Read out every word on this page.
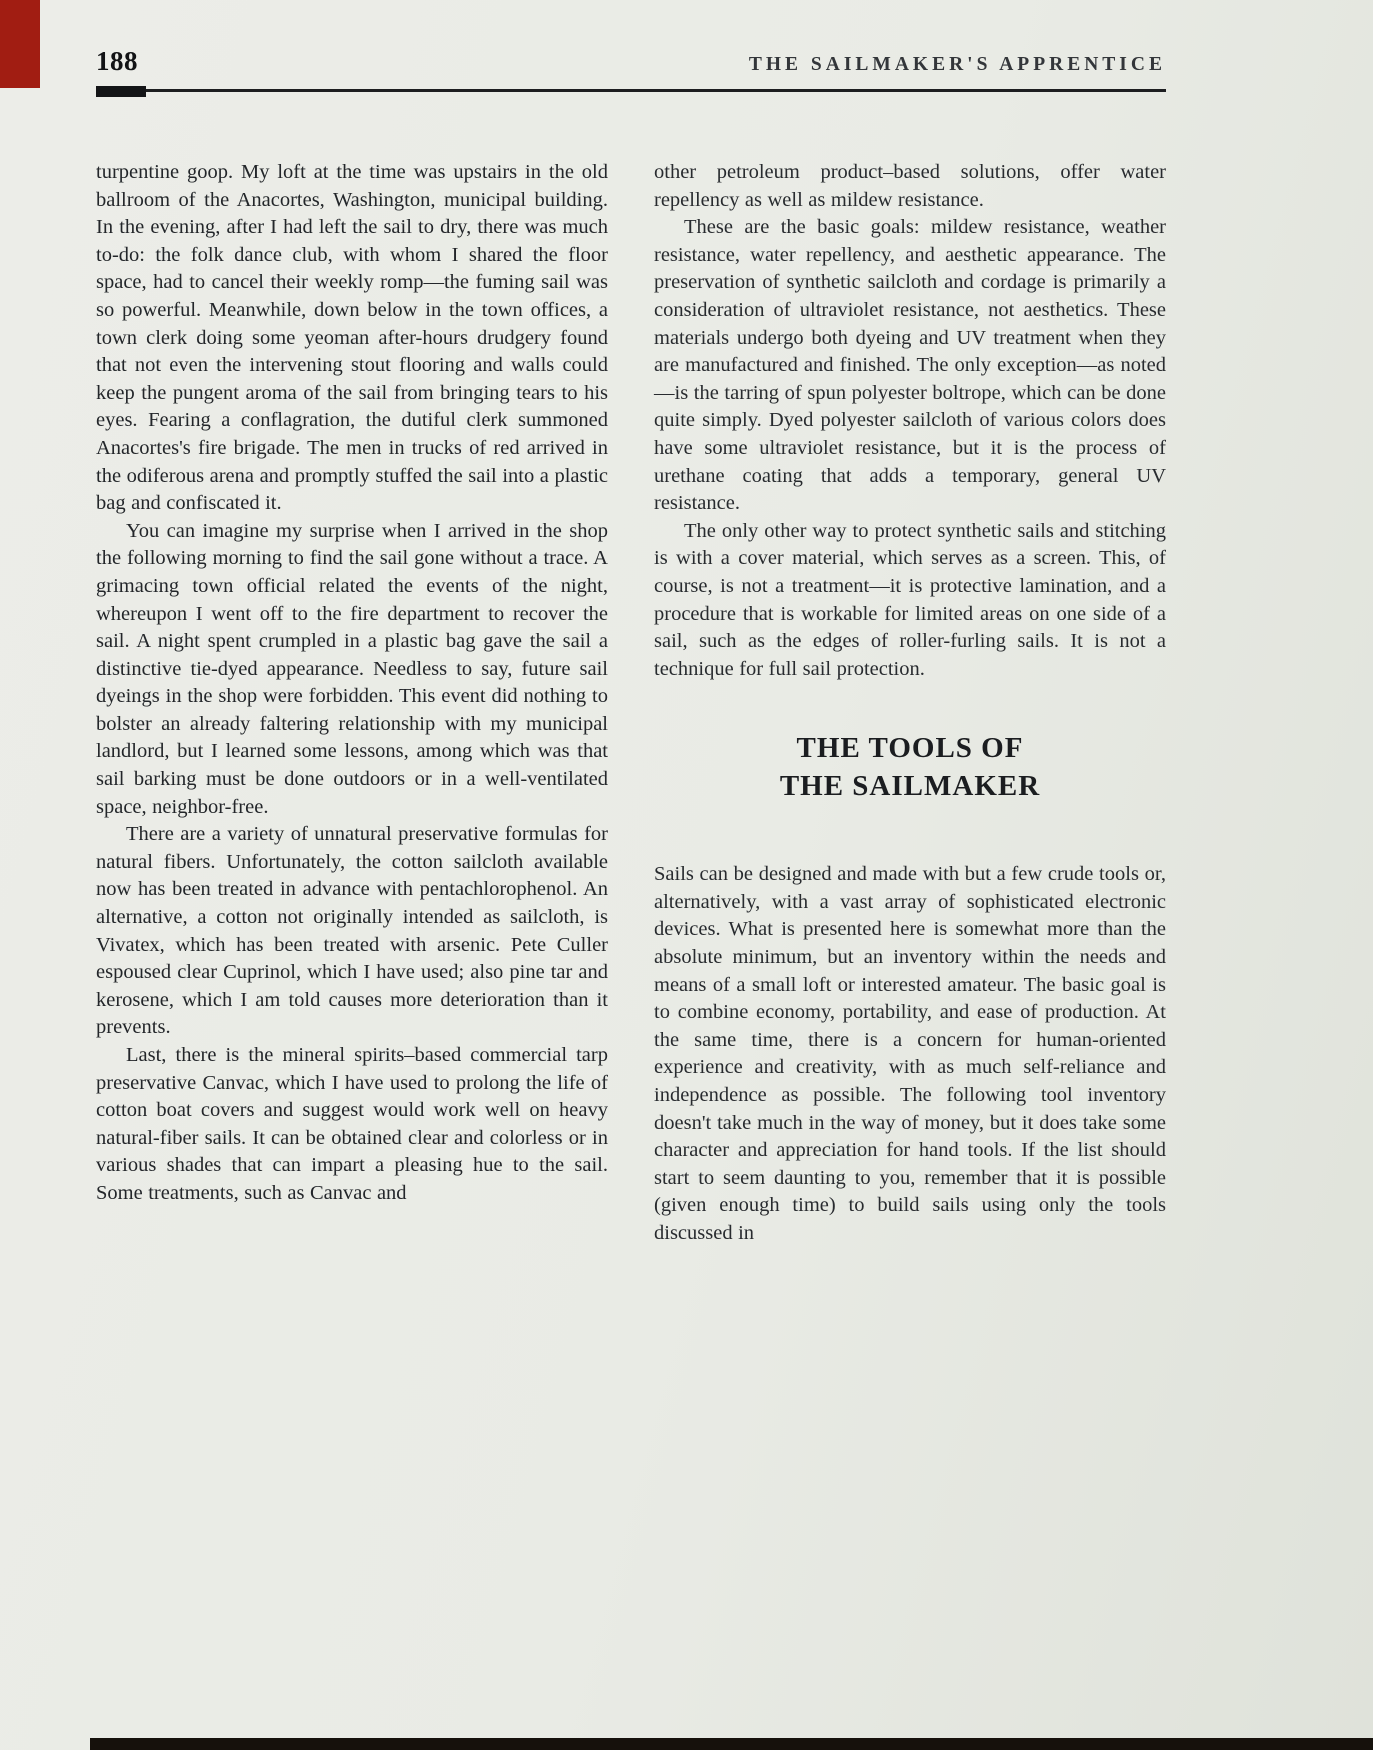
188	THE SAILMAKER'S APPRENTICE

turpentine goop. My loft at the time was upstairs in the old ballroom of the Anacortes, Washington, municipal building. In the evening, after I had left the sail to dry, there was much to-do: the folk dance club, with whom I shared the floor space, had to cancel their weekly romp—the fuming sail was so powerful. Meanwhile, down below in the town offices, a town clerk doing some yeoman after-hours drudgery found that not even the intervening stout flooring and walls could keep the pungent aroma of the sail from bringing tears to his eyes. Fearing a conflagration, the dutiful clerk summoned Anacortes's fire brigade. The men in trucks of red arrived in the odiferous arena and promptly stuffed the sail into a plastic bag and confiscated it.

You can imagine my surprise when I arrived in the shop the following morning to find the sail gone without a trace. A grimacing town official related the events of the night, whereupon I went off to the fire department to recover the sail. A night spent crumpled in a plastic bag gave the sail a distinctive tie-dyed appearance. Needless to say, future sail dyeings in the shop were forbidden. This event did nothing to bolster an already faltering relationship with my municipal landlord, but I learned some lessons, among which was that sail barking must be done outdoors or in a well-ventilated space, neighbor-free.

There are a variety of unnatural preservative formulas for natural fibers. Unfortunately, the cotton sailcloth available now has been treated in advance with pentachlorophenol. An alternative, a cotton not originally intended as sailcloth, is Vivatex, which has been treated with arsenic. Pete Culler espoused clear Cuprinol, which I have used; also pine tar and kerosene, which I am told causes more deterioration than it prevents.

Last, there is the mineral spirits–based commercial tarp preservative Canvac, which I have used to prolong the life of cotton boat covers and suggest would work well on heavy natural-fiber sails. It can be obtained clear and colorless or in various shades that can impart a pleasing hue to the sail. Some treatments, such as Canvac and

other petroleum product–based solutions, offer water repellency as well as mildew resistance.

These are the basic goals: mildew resistance, weather resistance, water repellency, and aesthetic appearance. The preservation of synthetic sailcloth and cordage is primarily a consideration of ultraviolet resistance, not aesthetics. These materials undergo both dyeing and UV treatment when they are manufactured and finished. The only exception—as noted—is the tarring of spun polyester boltrope, which can be done quite simply. Dyed polyester sailcloth of various colors does have some ultraviolet resistance, but it is the process of urethane coating that adds a temporary, general UV resistance.

The only other way to protect synthetic sails and stitching is with a cover material, which serves as a screen. This, of course, is not a treatment—it is protective lamination, and a procedure that is workable for limited areas on one side of a sail, such as the edges of roller-furling sails. It is not a technique for full sail protection.

THE TOOLS OF
THE SAILMAKER

Sails can be designed and made with but a few crude tools or, alternatively, with a vast array of sophisticated electronic devices. What is presented here is somewhat more than the absolute minimum, but an inventory within the needs and means of a small loft or interested amateur. The basic goal is to combine economy, portability, and ease of production. At the same time, there is a concern for human-oriented experience and creativity, with as much self-reliance and independence as possible. The following tool inventory doesn't take much in the way of money, but it does take some character and appreciation for hand tools. If the list should start to seem daunting to you, remember that it is possible (given enough time) to build sails using only the tools discussed in
